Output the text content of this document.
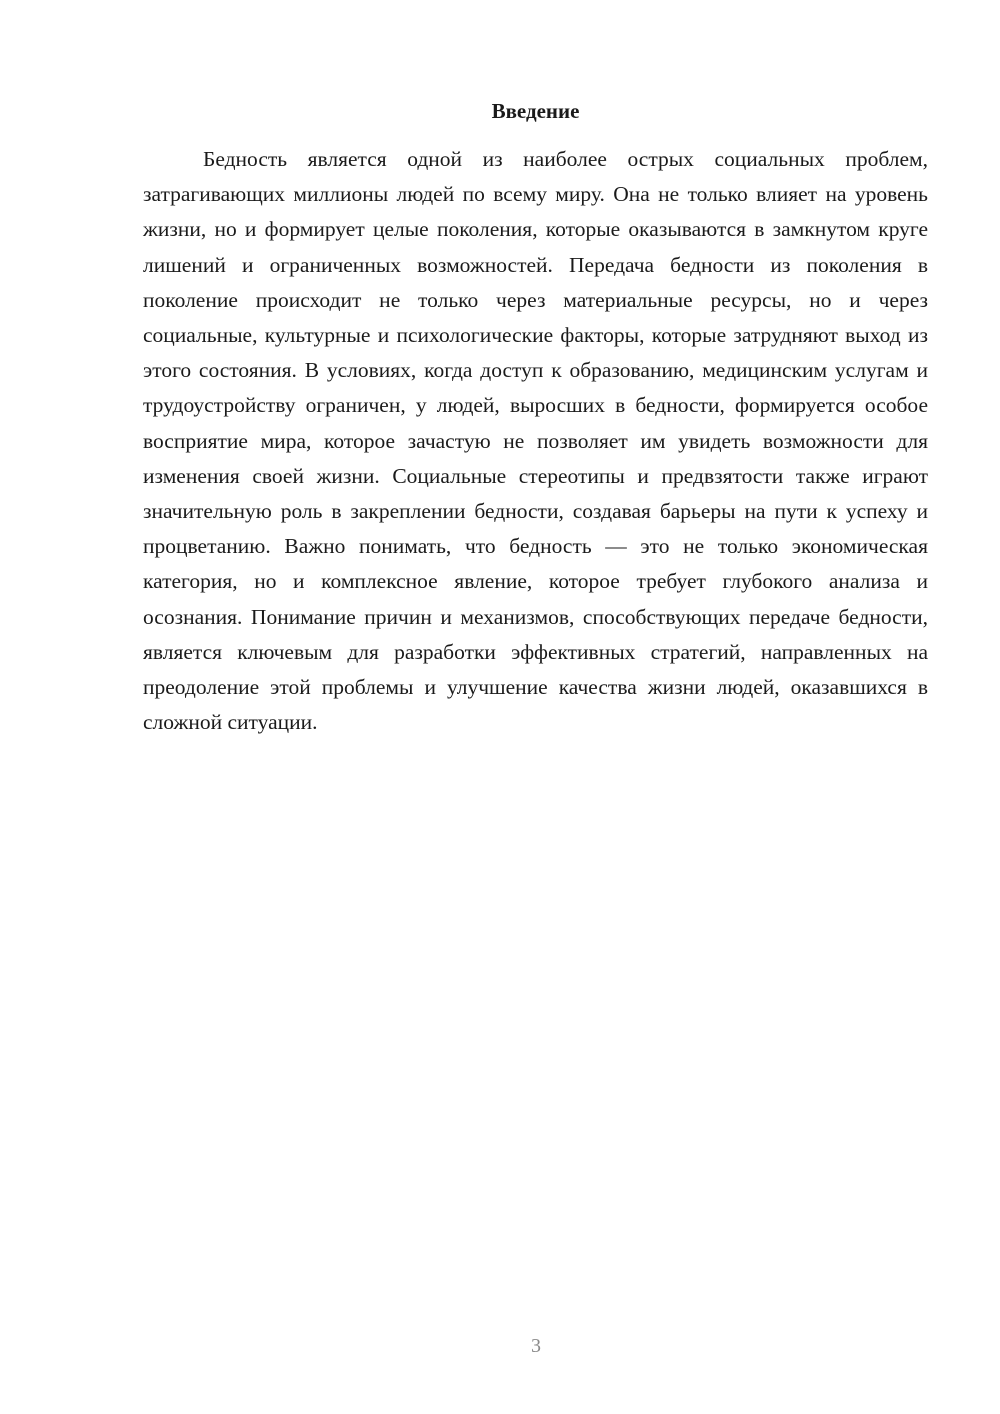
Введение

Бедность является одной из наиболее острых социальных проблем, затрагивающих миллионы людей по всему миру. Она не только влияет на уровень жизни, но и формирует целые поколения, которые оказываются в замкнутом круге лишений и ограниченных возможностей. Передача бедности из поколения в поколение происходит не только через материальные ресурсы, но и через социальные, культурные и психологические факторы, которые затрудняют выход из этого состояния. В условиях, когда доступ к образованию, медицинским услугам и трудоустройству ограничен, у людей, выросших в бедности, формируется особое восприятие мира, которое зачастую не позволяет им увидеть возможности для изменения своей жизни. Социальные стереотипы и предвзятости также играют значительную роль в закреплении бедности, создавая барьеры на пути к успеху и процветанию. Важно понимать, что бедность — это не только экономическая категория, но и комплексное явление, которое требует глубокого анализа и осознания. Понимание причин и механизмов, способствующих передаче бедности, является ключевым для разработки эффективных стратегий, направленных на преодоление этой проблемы и улучшение качества жизни людей, оказавшихся в сложной ситуации.

3
